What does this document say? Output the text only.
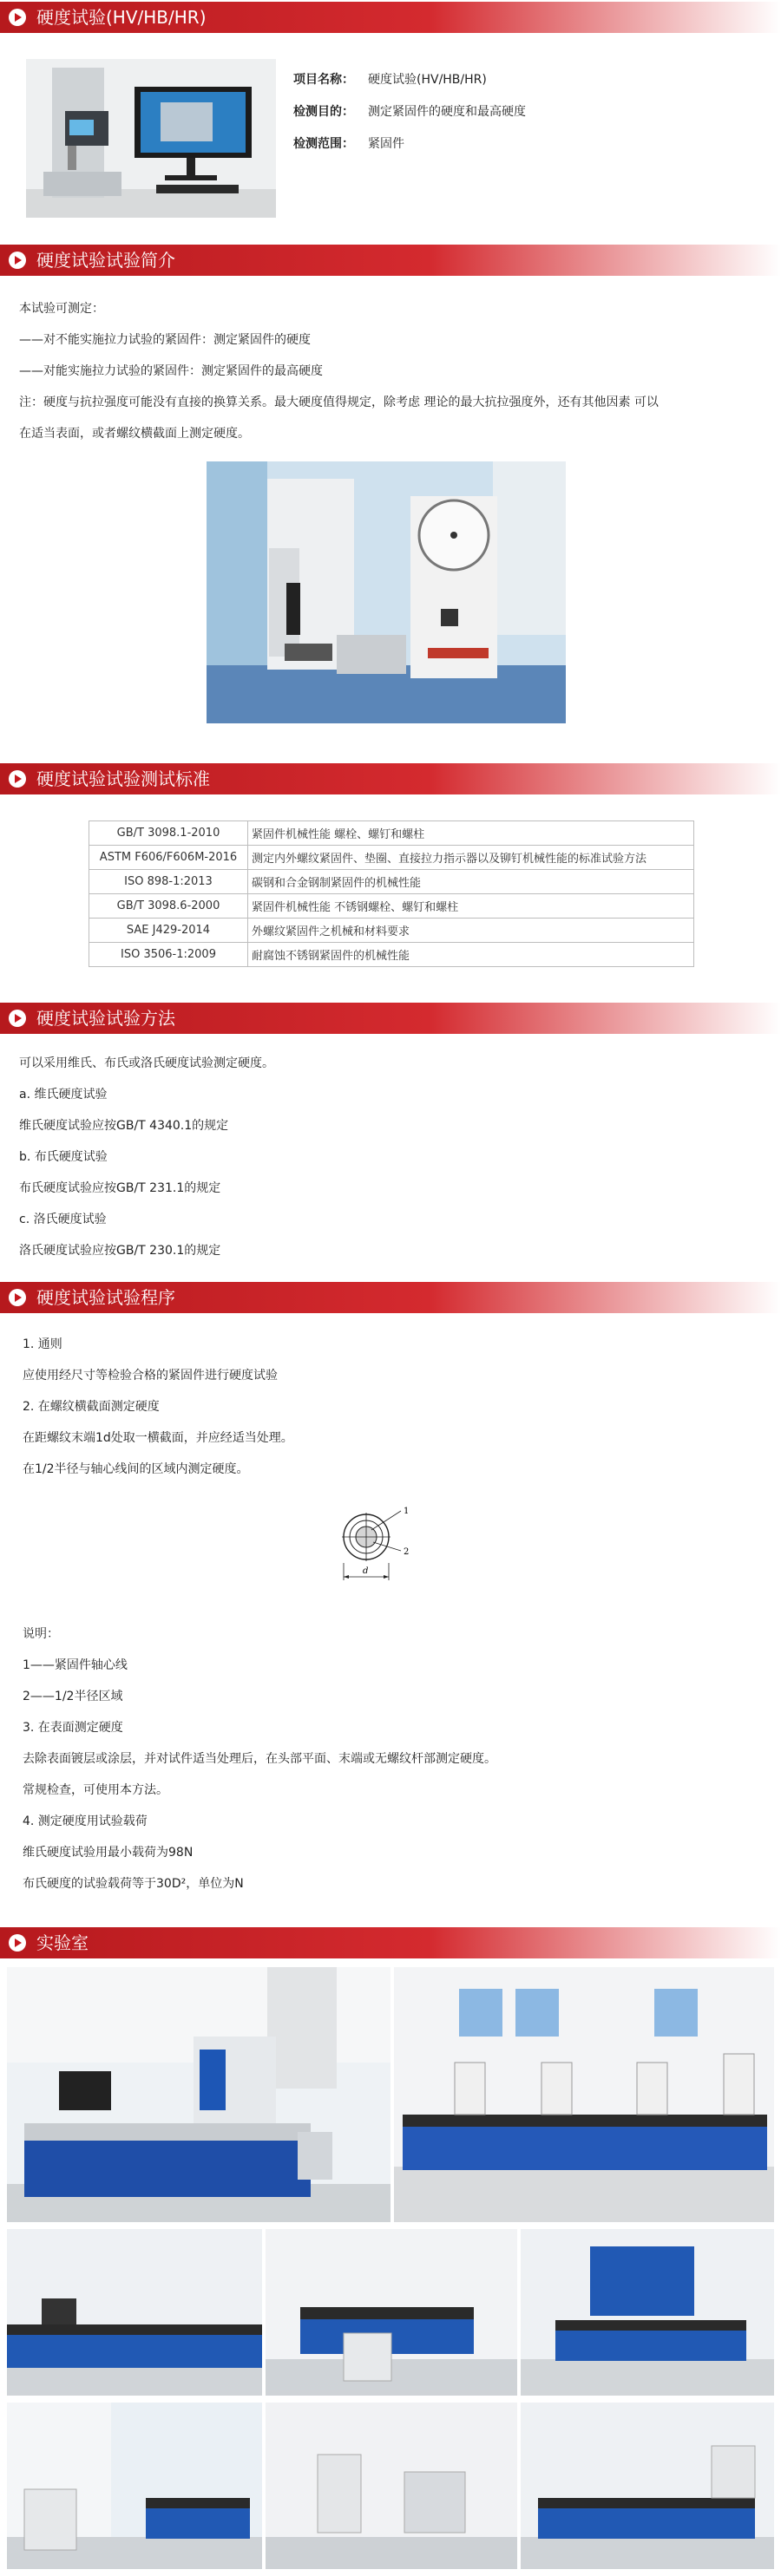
硬度试验(HV/HB/HR)
项目名称： 硬度试验(HV/HB/HR)
检测目的： 测定紧固件的硬度和最高硬度
检测范围： 紧固件
硬度试验试验简介
本试验可测定：
——对不能实施拉力试验的紧固件：测定紧固件的硬度
——对能实施拉力试验的紧固件：测定紧固件的最高硬度
注：硬度与抗拉强度可能没有直接的换算关系。最大硬度值得规定，除考虑 理论的最大抗拉强度外，还有其他因素 可以
在适当表面，或者螺纹横截面上测定硬度。
硬度试验试验测试标准
GB/T 3098.1-2010	紧固件机械性能 螺栓、螺钉和螺柱
ASTM F606/F606M-2016	测定内外螺纹紧固件、垫圈、直接拉力指示器以及铆钉机械性能的标准试验方法
ISO 898-1:2013	碳钢和合金钢制紧固件的机械性能
GB/T 3098.6-2000	紧固件机械性能 不锈钢螺栓、螺钉和螺柱
SAE J429-2014	外螺纹紧固件之机械和材料要求
ISO 3506-1:2009	耐腐蚀不锈钢紧固件的机械性能
硬度试验试验方法
可以采用维氏、布氏或洛氏硬度试验测定硬度。
a. 维氏硬度试验
维氏硬度试验应按GB/T 4340.1的规定
b. 布氏硬度试验
布氏硬度试验应按GB/T 231.1的规定
c. 洛氏硬度试验
洛氏硬度试验应按GB/T 230.1的规定
硬度试验试验程序
1. 通则
应使用经尺寸等检验合格的紧固件进行硬度试验
2. 在螺纹横截面测定硬度
在距螺纹末端1d处取一横截面，并应经适当处理。
在1/2半径与轴心线间的区域内测定硬度。
1
2
d
说明：
1——紧固件轴心线
2——1/2半径区域
3. 在表面测定硬度
去除表面镀层或涂层，并对试件适当处理后，在头部平面、末端或无螺纹杆部测定硬度。
常规检查，可使用本方法。
4. 测定硬度用试验载荷
维氏硬度试验用最小载荷为98N
布氏硬度的试验载荷等于30D²，单位为N
实验室
